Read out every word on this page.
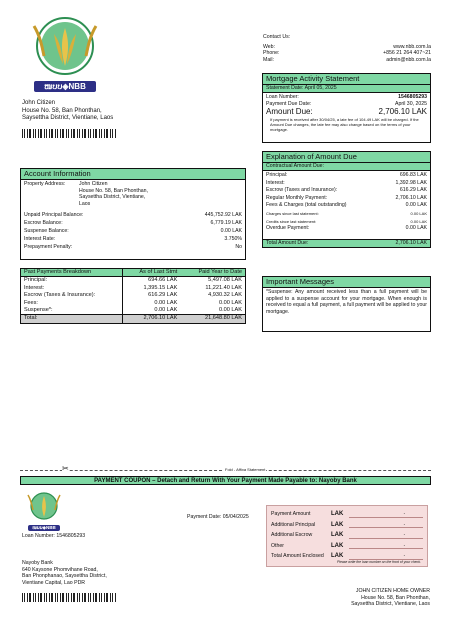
ໜບບ◈NBB
John Citizen
House No. 58, Ban Phonthan,
Saysettha District, Vientiane, Laos
Contact Us:
Web:	www.nbb.com.la
Phone:	+856 21 264 407~21
Mail:	admin@nbb.com.la
Mortgage Activity Statement
Statement Date: April 05, 2025
Loan Number:	1546805293
Payment Due Date:	April 30, 2025
Amount Due:	2,706.10 LAK
If payment is received after 30/04/25, a late fee of 104.49 LAK will be charged. If the Amount Due changes, the late fee may also change based on the terms of your mortgage.
Explanation of Amount Due
Contractual Amount Due:
Principal:	696.83 LAK
Interest:	1,392.98 LAK
Escrow (Taxes and Insurance):	616.29 LAK
Regular Monthly Payment:	2,706.10 LAK
Fees & Charges (total outstanding)	0.00 LAK
Charges since last statement:	0.00 LAK
Credits since last statement:	0.00 LAK
Overdue Payment:	0.00 LAK
Total Amount Due:	2,706.10 LAK
Account Information
Property Address:	John Citizen
House No. 58, Ban Phonthan,
Saysettha District, Vientiane,
Laos
Unpaid Principal Balance:	445,752.92 LAK
Escrow Balance:	6,779.19 LAK
Suspense Balance:	0.00 LAK
Interest Rate:	3.750%
Prepayment Penalty:	No
Past Payments Breakdown	As of Last Stmt	Paid Year to Date
Principal:	694.66 LAK	5,497.08 LAK
Interest:	1,395.15 LAK	11,221.40 LAK
Escrow (Taxes & Insurance):	616.29 LAK	4,930.32 LAK
Fees:	0.00 LAK	0.00 LAK
Suspense*:	0.00 LAK	0.00 LAK
Total:	2,706.10 LAK	21,648.80 LAK
Important Messages
*Suspense: Any amount received less than a full payment will be applied to a suspense account for your mortgage. When enough is received to equal a full payment, a full payment will be applied to your mortgage.
✂	Fold - Affixa Statement
PAYMENT COUPON – Detach and Return With Your Payment Made Payable to: Nayoby Bank
ໜບບ◈NBB
Payment Date: 05/04/2025
Loan Number: 1546805293
Payment Amount	LAK	.
Additional Principal	LAK	.
Additional Escrow	LAK	.
Other	LAK	.
Total Amount Enclosed	LAK	.
Please write the loan number on the front of your check.
Nayoby Bank
640 Kaysone Phomvihane Road,
Ban Phonphanao, Saysettha District,
Vientiane Capital, Lao PDR
JOHN CITIZEN HOME OWNER
House No. 58, Ban Phonthan,
Saysettha District, Vientiane, Laos
